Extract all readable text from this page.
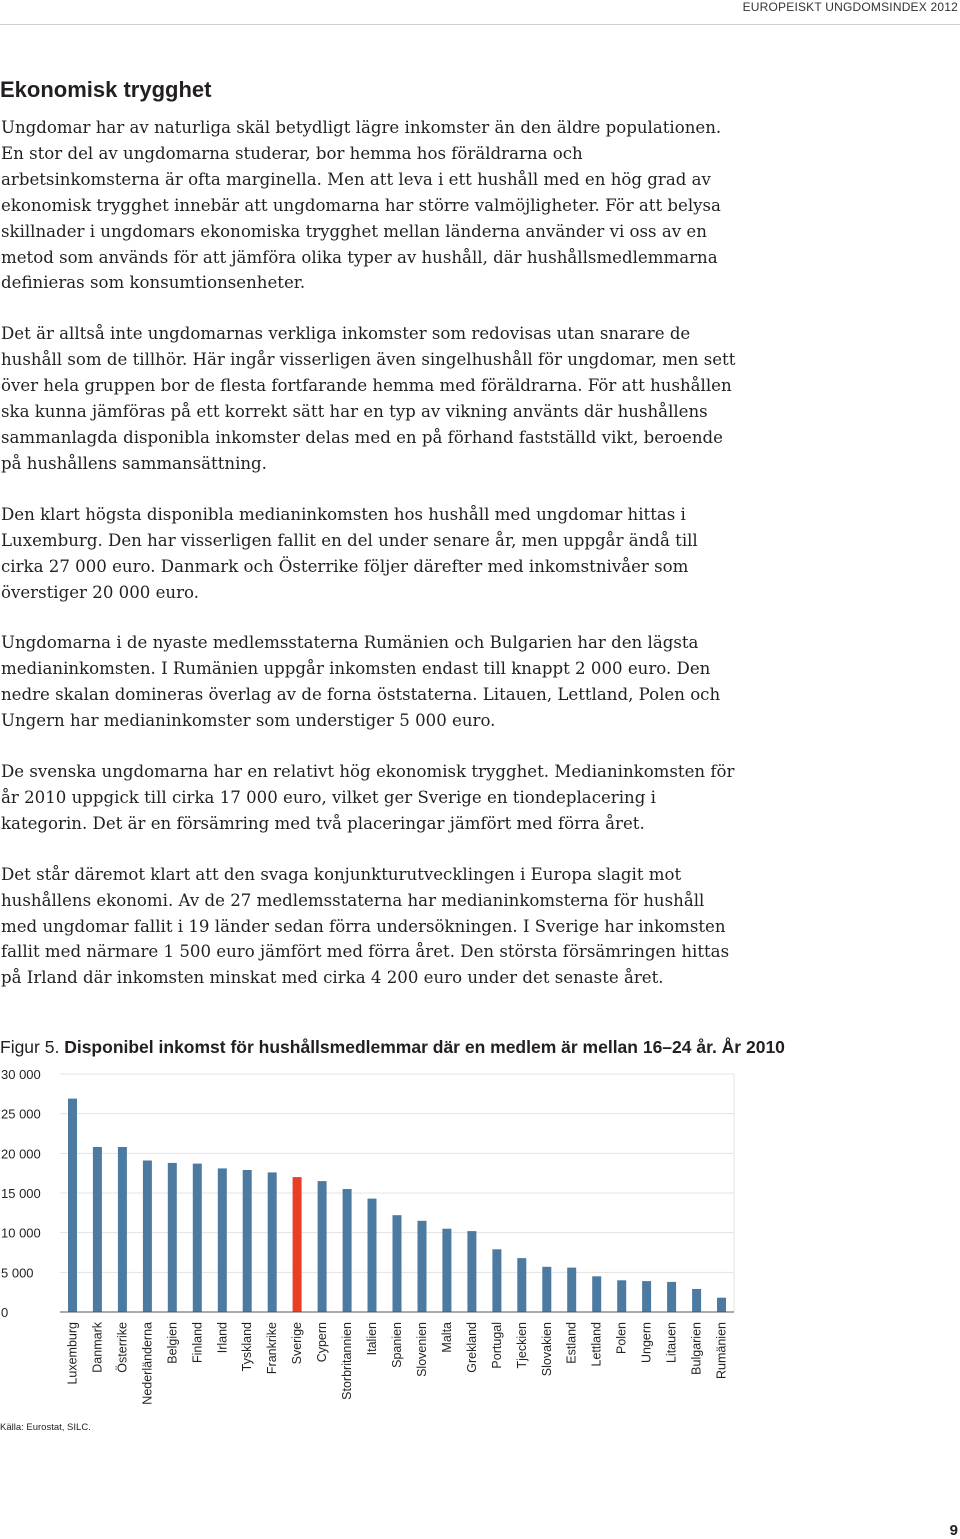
EUROPEISKT UNGDOMSINDEX 2012
Ekonomisk trygghet

Ungdomar har av naturliga skäl betydligt lägre inkomster än den äldre populationen. En stor del av ungdomarna studerar, bor hemma hos föräldrarna och arbetsinkomsterna är ofta marginella. Men att leva i ett hushåll med en hög grad av ekonomisk trygghet innebär att ungdomarna har större valmöjligheter. För att belysa skillnader i ungdomars ekonomiska trygghet mellan länderna använder vi oss av en metod som används för att jämföra olika typer av hushåll, där hushållsmedlemmarna definieras som konsumtionsenheter.

Det är alltså inte ungdomarnas verkliga inkomster som redovisas utan snarare de hushåll som de tillhör. Här ingår visserligen även singelhushåll för ungdomar, men sett över hela gruppen bor de flesta fortfarande hemma med föräldrarna. För att hushållen ska kunna jämföras på ett korrekt sätt har en typ av vikning använts där hushållens sammanlagda disponibla inkomster delas med en på förhand fastställd vikt, beroende på hushållens sammansättning.

Den klart högsta disponibla medianinkomsten hos hushåll med ungdomar hittas i Luxemburg. Den har visserligen fallit en del under senare år, men uppgår ändå till cirka 27 000 euro. Danmark och Österrike följer därefter med inkomstnivåer som överstiger 20 000 euro.

Ungdomarna i de nyaste medlemsstaterna Rumänien och Bulgarien har den lägsta medianinkomsten. I Rumänien uppgår inkomsten endast till knappt 2 000 euro. Den nedre skalan domineras överlag av de forna öststaterna. Litauen, Lettland, Polen och Ungern har medianinkomster som understiger 5 000 euro.

De svenska ungdomarna har en relativt hög ekonomisk trygghet. Medianinkomsten för år 2010 uppgick till cirka 17 000 euro, vilket ger Sverige en tiondeplacering i kategorin. Det är en försämring med två placeringar jämfört med förra året.

Det står däremot klart att den svaga konjunkturutvecklingen i Europa slagit mot hushållens ekonomi. Av de 27 medlemsstaterna har medianinkomsterna för hushåll med ungdomar fallit i 19 länder sedan förra undersökningen. I Sverige har inkomsten fallit med närmare 1 500 euro jämfört med förra året. Den största försämringen hittas på Irland där inkomsten minskat med cirka 4 200 euro under det senaste året.

Figur 5. Disponibel inkomst för hushållsmedlemmar där en medlem är mellan 16–24 år. År 2010
30 000
25 000
20 000
15 000
10 000
5 000
0
Luxemburg Danmark Österrike Nederländerna Belgien Finland Irland Tyskland Frankrike Sverige Cypern Storbritannien Italien Spanien Slovenien Malta Grekland Portugal Tjeckien Slovakien Estland Lettland Polen Ungern Litauen Bulgarien Rumänien
Källa: Eurostat, SILC.
9
